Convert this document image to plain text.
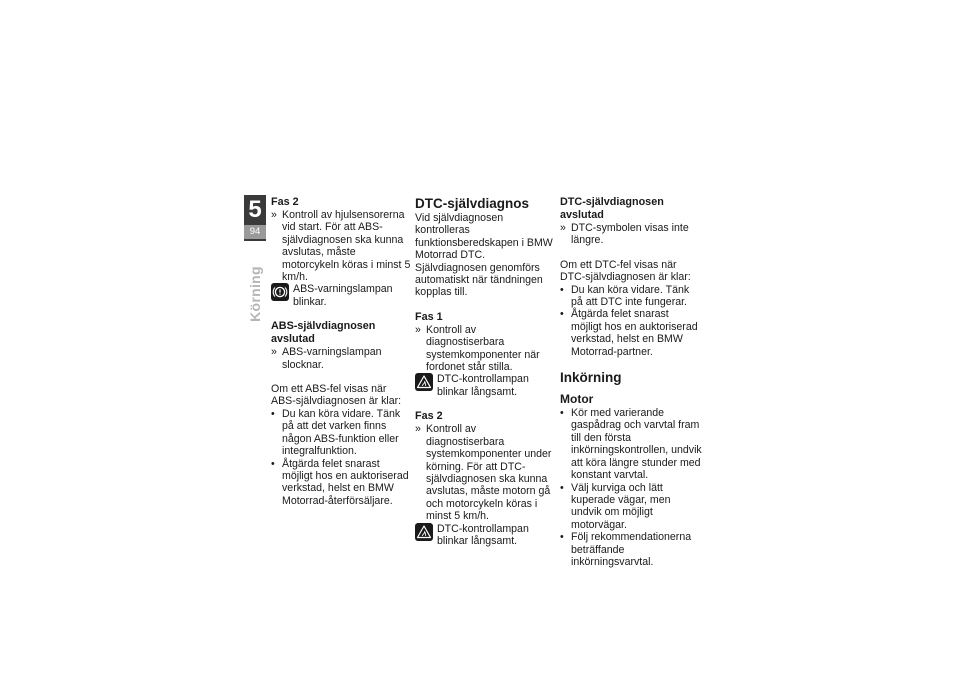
5
94
Körning
Fas 2

» Kontroll av hjulsensorerna vid start. För att ABS-självdiagnosen ska kunna avslutas, måste motorcykeln köras i minst 5 km/h.

ABS-varningslampan blinkar.
ABS-självdiagnosen avslutad

» ABS-varningslampan slocknar.

Om ett ABS-fel visas när ABS-självdiagnosen är klar:

• Du kan köra vidare. Tänk på att det varken finns någon ABS-funktion eller integralfunktion.

• Åtgärda felet snarast möjligt hos en auktoriserad verkstad, helst en BMW Motorrad-återförsäljare.

DTC-självdiagnos

Vid självdiagnosen kontrolleras funktionsberedskapen i BMW Motorrad DTC. Självdiagnosen genomförs automatiskt när tändningen kopplas till.

Fas 1

» Kontroll av diagnostiserbara systemkomponenter när fordonet står stilla.

DTC-kontrollampan blinkar långsamt.
Fas 2

» Kontroll av diagnostiserbara systemkomponenter under körning. För att DTC-självdiagnosen ska kunna avslutas, måste motorn gå och motorcykeln köras i minst 5 km/h.

DTC-kontrollampan blinkar långsamt.
DTC-självdiagnosen avslutad

» DTC-symbolen visas inte längre.

Om ett DTC-fel visas när DTC-självdiagnosen är klar:

• Du kan köra vidare. Tänk på att DTC inte fungerar.

• Åtgärda felet snarast möjligt hos en auktoriserad verkstad, helst en BMW Motorrad-partner.

Inkörning
Motor

• Kör med varierande gaspådrag och varvtal fram till den första inkörningskontrollen, undvik att köra längre stunder med konstant varvtal.

• Välj kurviga och lätt kuperade vägar, men undvik om möjligt motorvägar.

• Följ rekommendationerna beträffande inkörningsvarvtal.
